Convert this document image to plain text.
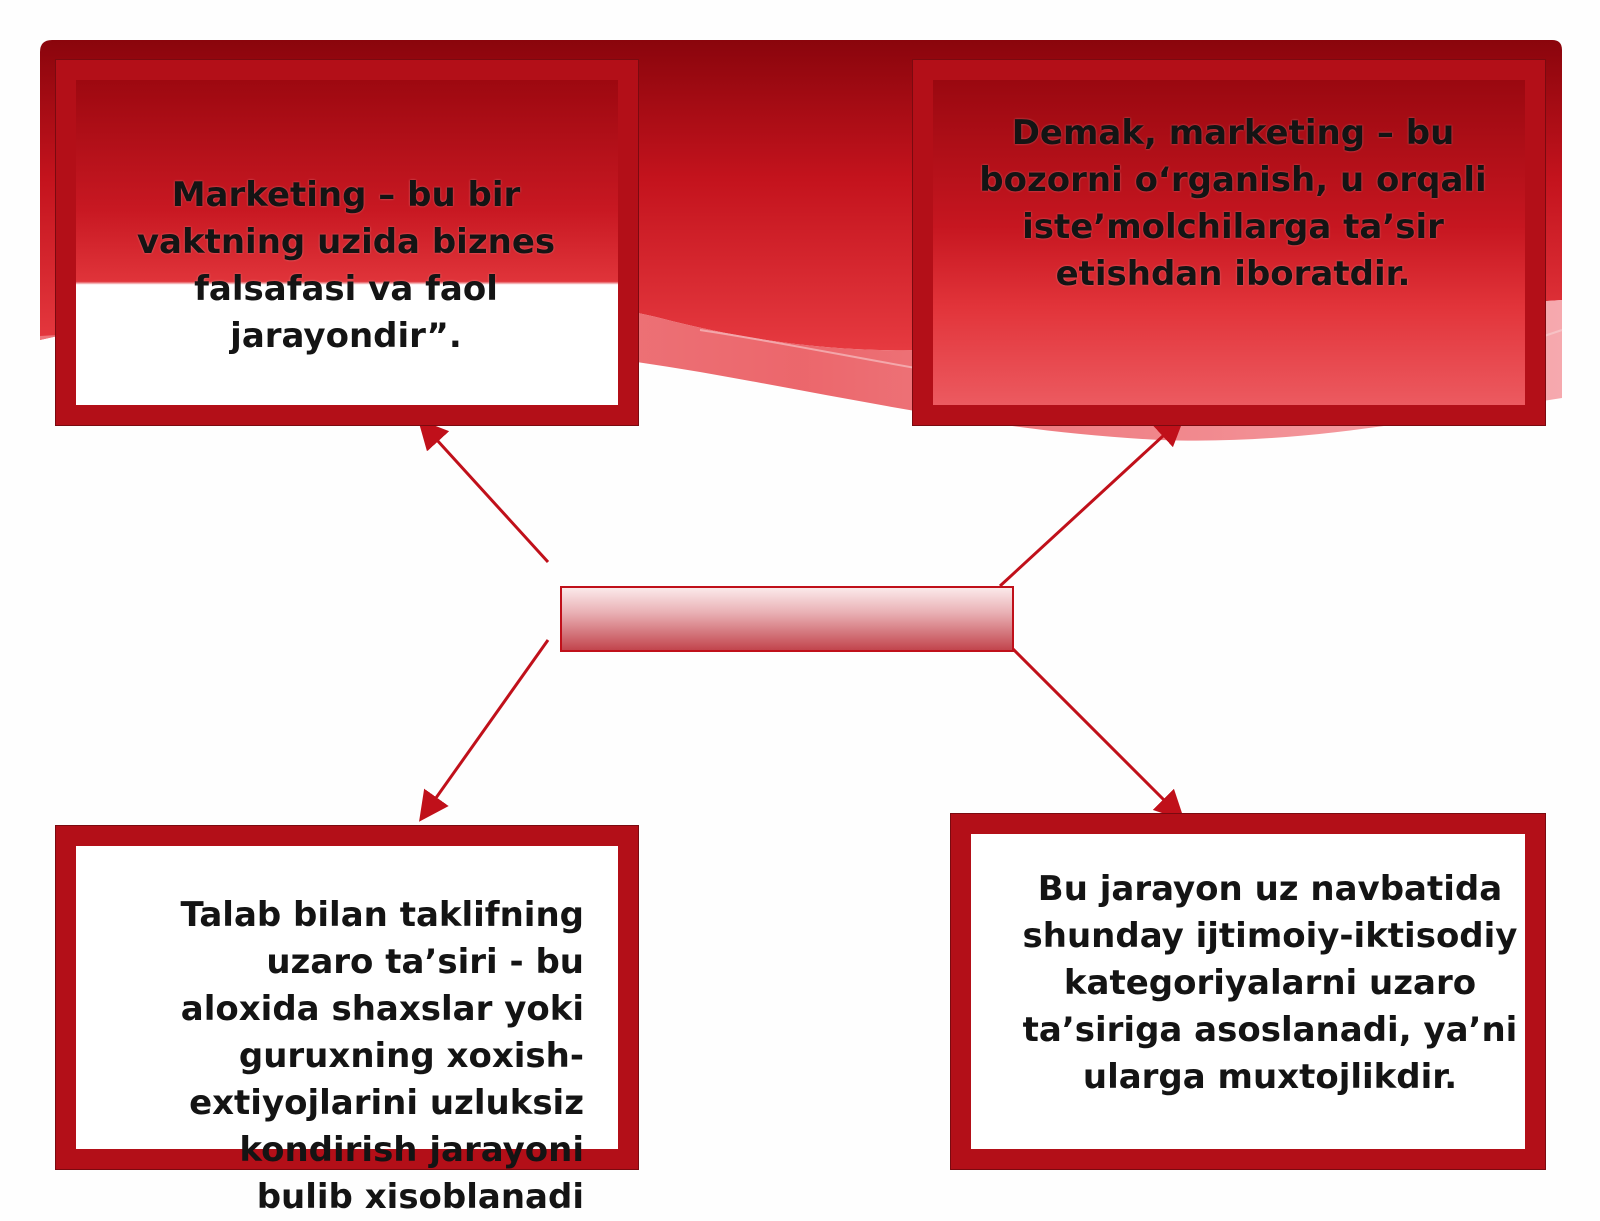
Marketing – bu bir vaktning uzida biznes falsafasi va faol jarayondir”.
Demak, marketing – bu bozorni o‘rganish, u orqali iste’molchilarga ta’sir etishdan iboratdir.
Talab bilan taklifning uzaro ta’siri - bu aloxida shaxslar yoki guruxning xoxish-extiyojlarini uzluksiz kondirish jarayoni bulib xisoblanadi
Bu jarayon uz navbatida shunday ijtimoiy-iktisodiy kategoriyalarni uzaro ta’siriga asoslanadi, ya’ni ularga muxtojlikdir.
